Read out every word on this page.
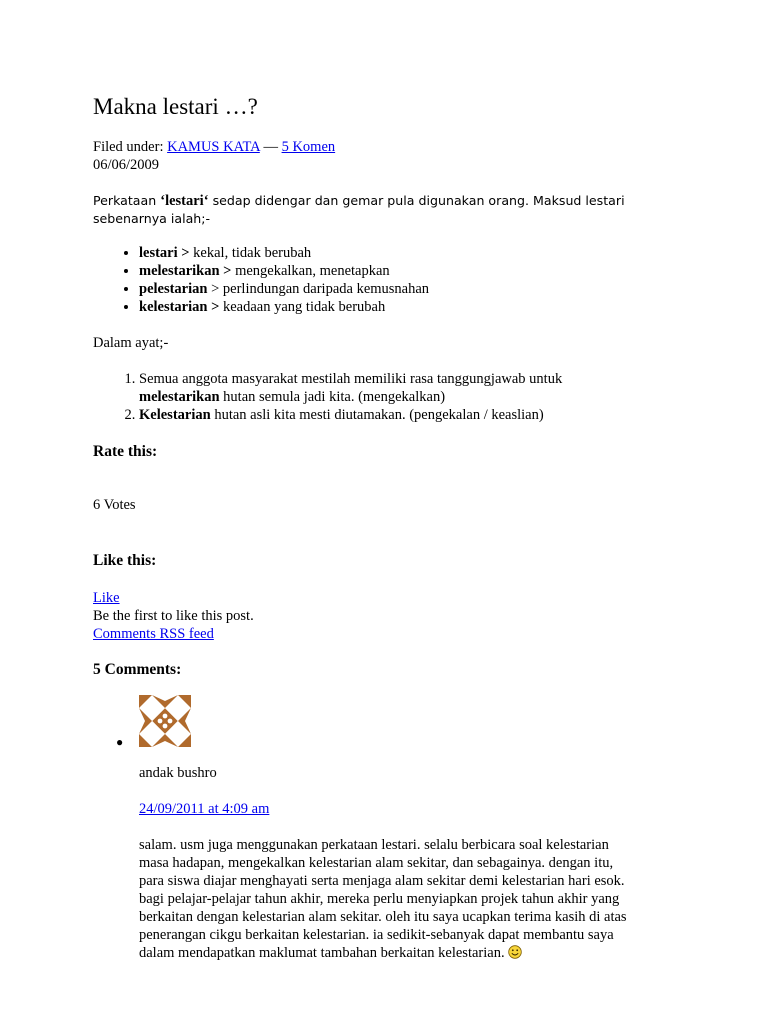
Makna lestari …?
Filed under: KAMUS KATA — 5 Komen
06/06/2009
Perkataan ‘lestari‘ sedap didengar dan gemar pula digunakan orang. Maksud lestari sebenarnya ialah;-
• lestari > kekal, tidak berubah
• melestarikan > mengekalkan, menetapkan
• pelestarian > perlindungan daripada kemusnahan
• kelestarian > keadaan yang tidak berubah
Dalam ayat;-
1. Semua anggota masyarakat mestilah memiliki rasa tanggungjawab untuk melestarikan hutan semula jadi kita. (mengekalkan)
2. Kelestarian hutan asli kita mesti diutamakan. (pengekalan / keaslian)
Rate this:
6 Votes
Like this:
Like
Be the first to like this post.
Comments RSS feed
5 Comments:
●
andak bushro
24/09/2011 at 4:09 am
salam. usm juga menggunakan perkataan lestari. selalu berbicara soal kelestarian masa hadapan, mengekalkan kelestarian alam sekitar, dan sebagainya. dengan itu, para siswa diajar menghayati serta menjaga alam sekitar demi kelestarian hari esok. bagi pelajar-pelajar tahun akhir, mereka perlu menyiapkan projek tahun akhir yang berkaitan dengan kelestarian alam sekitar. oleh itu saya ucapkan terima kasih di atas penerangan cikgu berkaitan kelestarian. ia sedikit-sebanyak dapat membantu saya dalam mendapatkan maklumat tambahan berkaitan kelestarian.
